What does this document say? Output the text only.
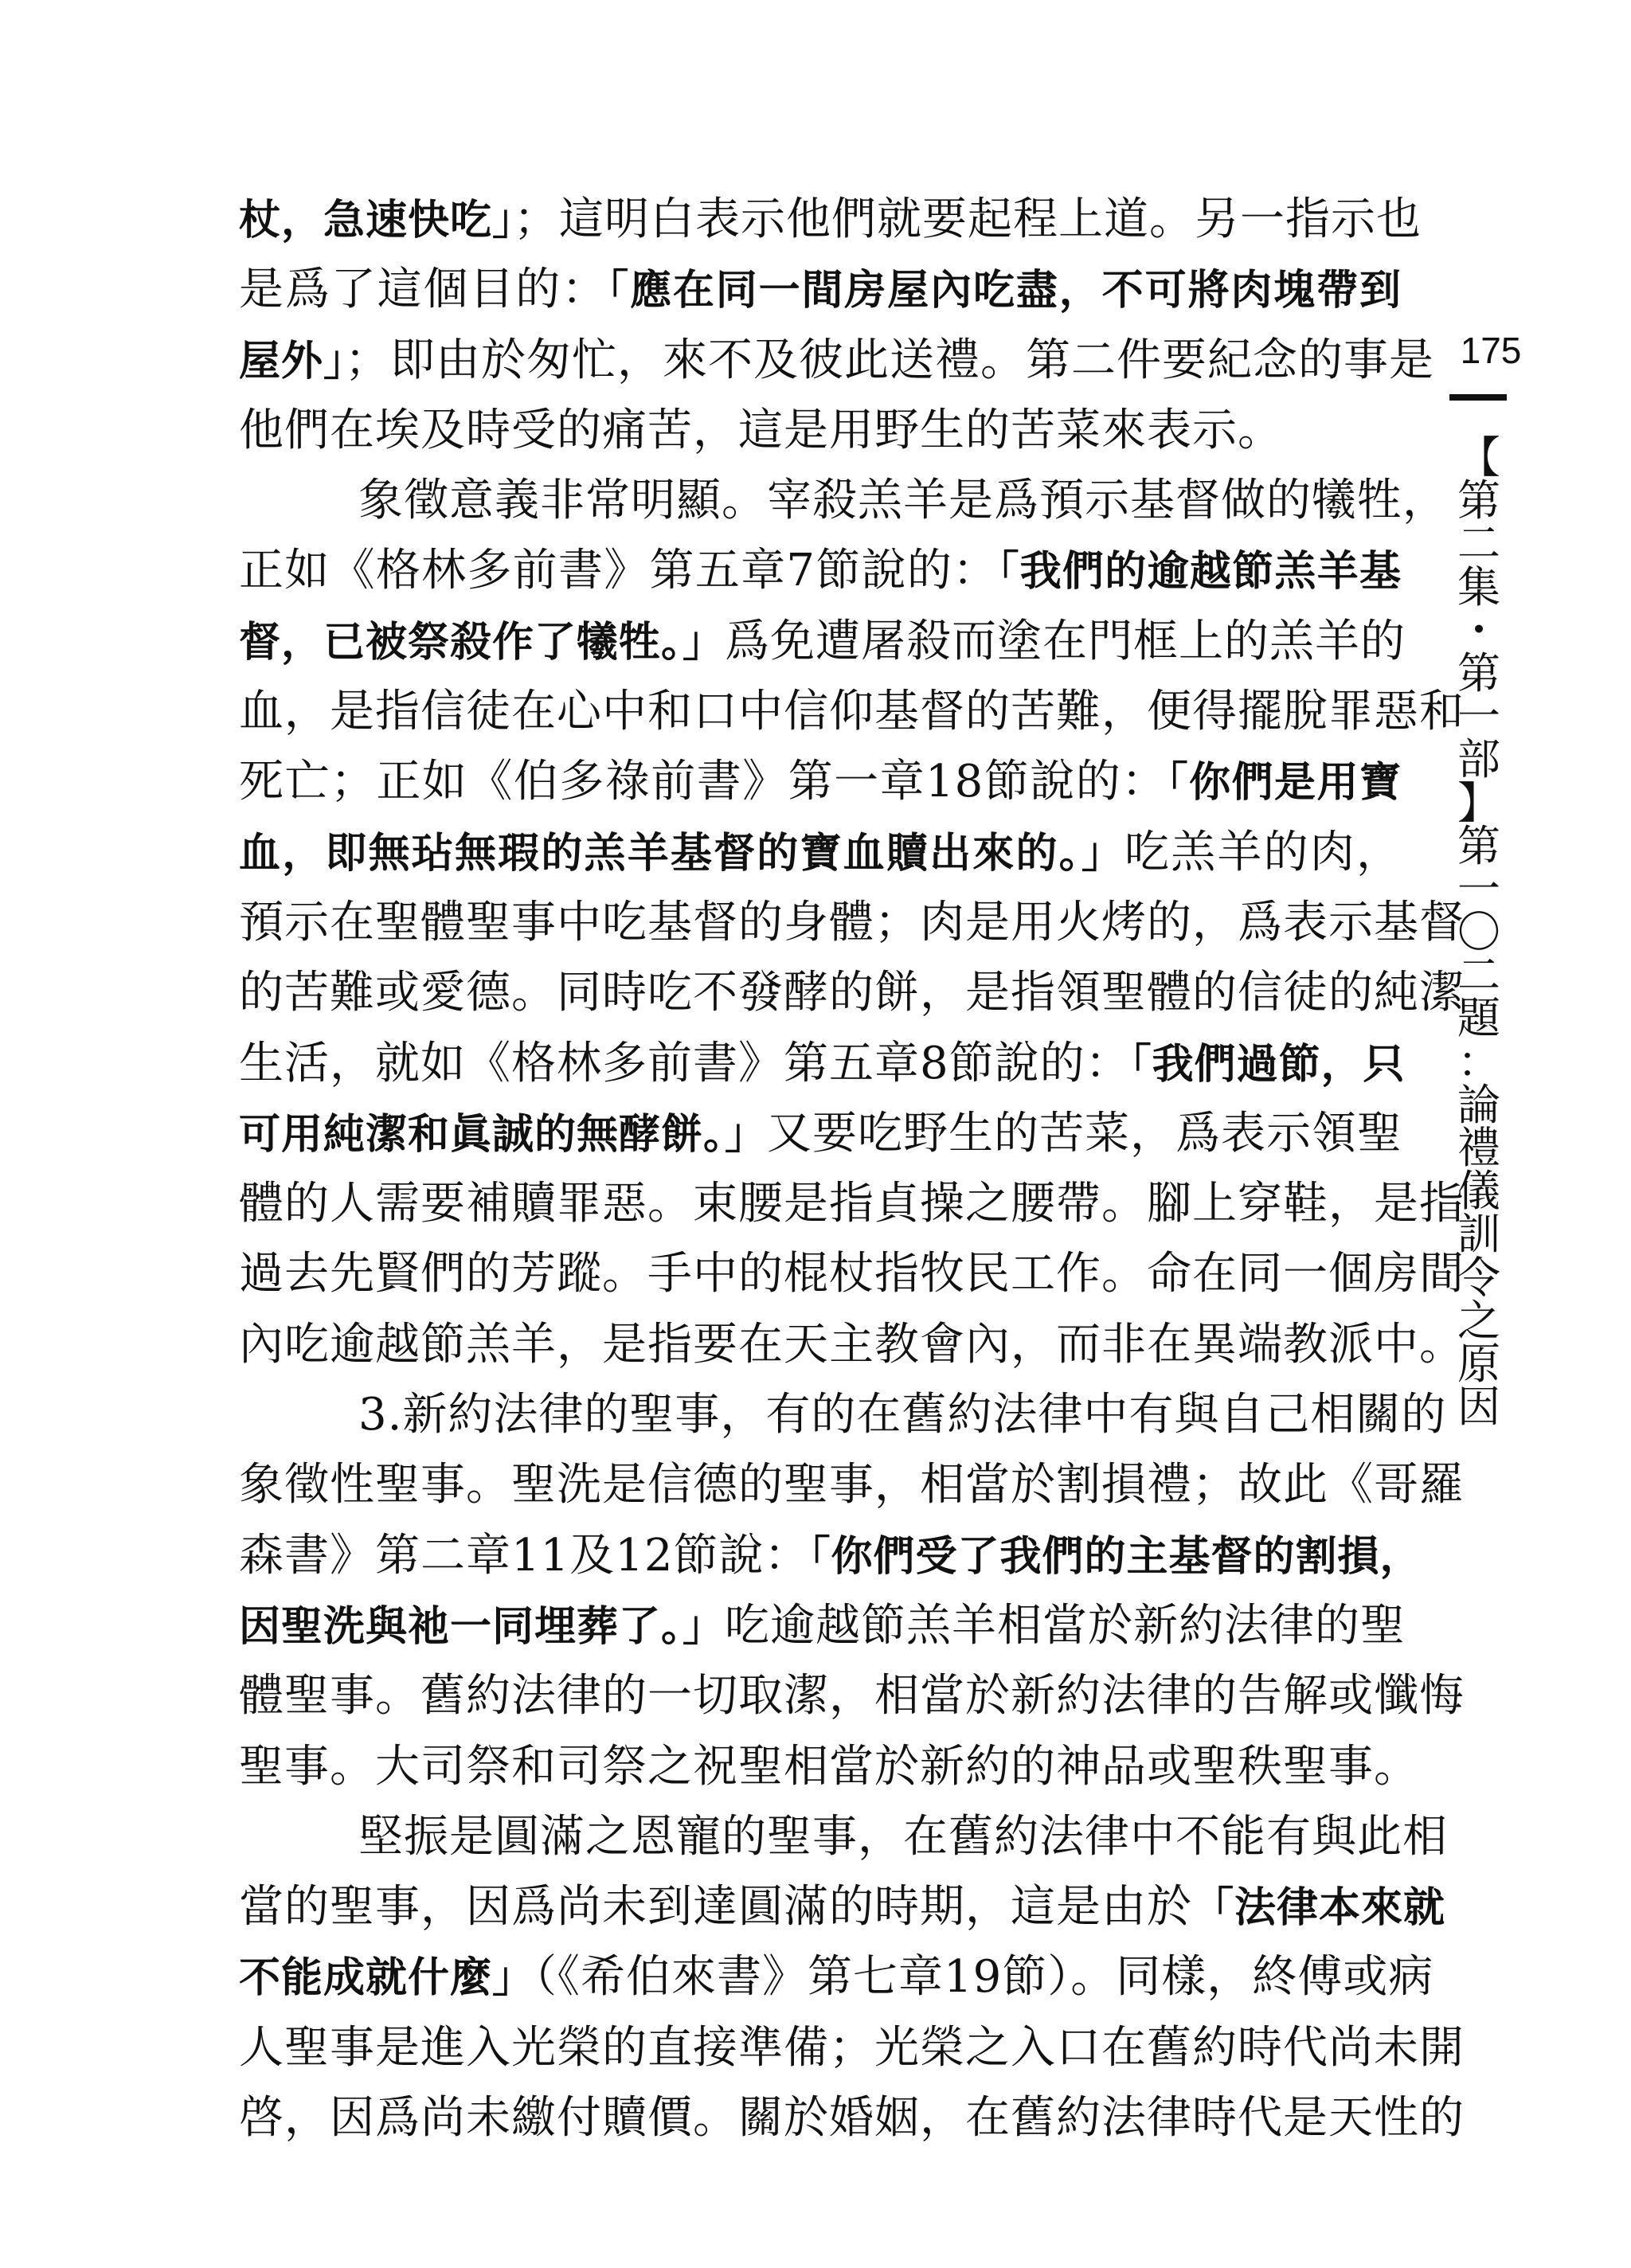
175
【
第
二
集
・
第
一
部
】
第
一
〇
二
題
：
論
禮
儀
訓
令
之
原
因
杖，急速快吃」；這明白表示他們就要起程上道。另一指示也
是爲了這個目的：「應在同一間房屋內吃盡，不可將肉塊帶到
屋外」；即由於匆忙，來不及彼此送禮。第二件要紀念的事是
他們在埃及時受的痛苦，這是用野生的苦菜來表示。
象徵意義非常明顯。宰殺羔羊是爲預示基督做的犧牲，
正如《格林多前書》第五章7節說的：「我們的逾越節羔羊基
督，已被祭殺作了犧牲。」爲免遭屠殺而塗在門框上的羔羊的
血，是指信徒在心中和口中信仰基督的苦難，便得擺脫罪惡和
死亡；正如《伯多祿前書》第一章18節說的：「你們是用寶
血，即無玷無瑕的羔羊基督的寶血贖出來的。」吃羔羊的肉，
預示在聖體聖事中吃基督的身體；肉是用火烤的，爲表示基督
的苦難或愛德。同時吃不發酵的餅，是指領聖體的信徒的純潔
生活，就如《格林多前書》第五章8節說的：「我們過節，只
可用純潔和眞誠的無酵餅。」又要吃野生的苦菜，爲表示領聖
體的人需要補贖罪惡。束腰是指貞操之腰帶。腳上穿鞋，是指
過去先賢們的芳蹤。手中的棍杖指牧民工作。命在同一個房間
內吃逾越節羔羊，是指要在天主教會內，而非在異端教派中。
3.新約法律的聖事，有的在舊約法律中有與自己相關的
象徵性聖事。聖洗是信德的聖事，相當於割損禮；故此《哥羅
森書》第二章11及12節說：「你們受了我們的主基督的割損，
因聖洗與祂一同埋葬了。」吃逾越節羔羊相當於新約法律的聖
體聖事。舊約法律的一切取潔，相當於新約法律的告解或懺悔
聖事。大司祭和司祭之祝聖相當於新約的神品或聖秩聖事。
堅振是圓滿之恩寵的聖事，在舊約法律中不能有與此相
當的聖事，因爲尚未到達圓滿的時期，這是由於「法律本來就
不能成就什麼」（《希伯來書》第七章19節）。同樣，終傅或病
人聖事是進入光榮的直接準備；光榮之入口在舊約時代尚未開
啓，因爲尚未繳付贖價。關於婚姻，在舊約法律時代是天性的
